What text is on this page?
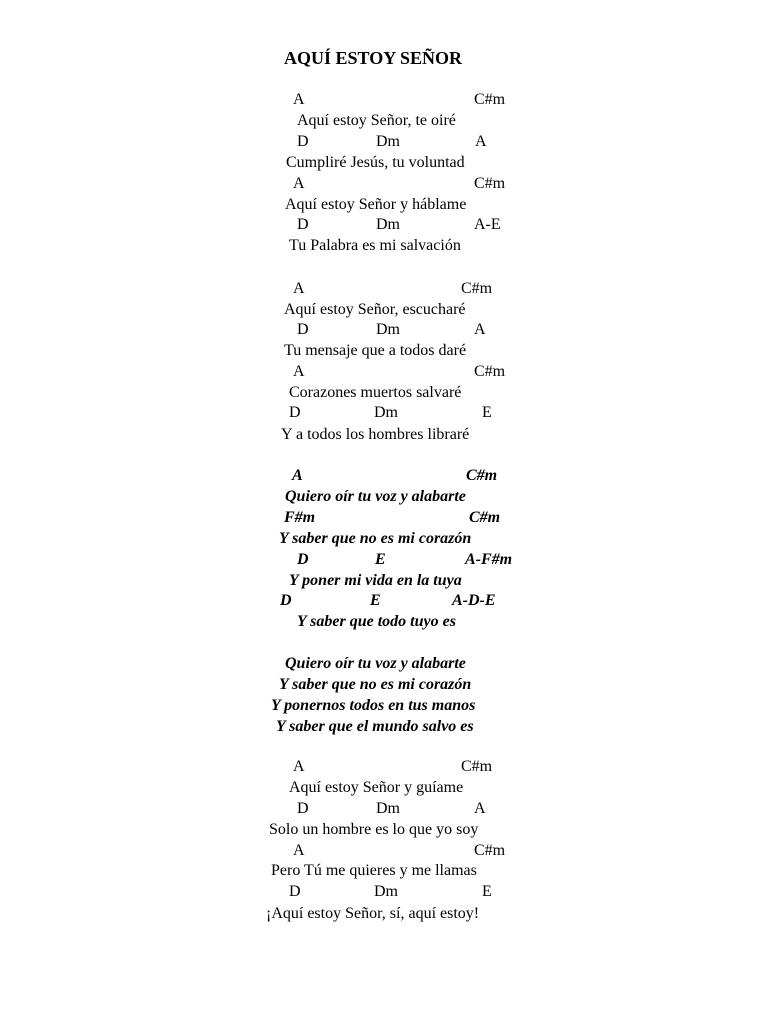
AQUÍ ESTOY SEÑOR
A	C#m
Aquí estoy Señor, te oiré
D	Dm	A
Cumpliré Jesús, tu voluntad
A	C#m
Aquí estoy Señor y háblame
D	Dm	A-E
Tu Palabra es mi salvación
A	C#m
Aquí estoy Señor, escucharé
D	Dm	A
Tu mensaje que a todos daré
A	C#m
Corazones muertos salvaré
D	Dm	E
Y a todos los hombres libraré
A	C#m
Quiero oír tu voz y alabarte
F#m	C#m
Y saber que no es mi corazón
D	E	A-F#m
Y poner mi vida en la tuya
D	E	A-D-E
Y saber que todo tuyo es
Quiero oír tu voz y alabarte
Y saber que no es mi corazón
Y ponernos todos en tus manos
Y saber que el mundo salvo es
A	C#m
Aquí estoy Señor y guíame
D	Dm	A
Solo un hombre es lo que yo soy
A	C#m
Pero Tú me quieres y me llamas
D	Dm	E
¡Aquí estoy Señor, sí, aquí estoy!
